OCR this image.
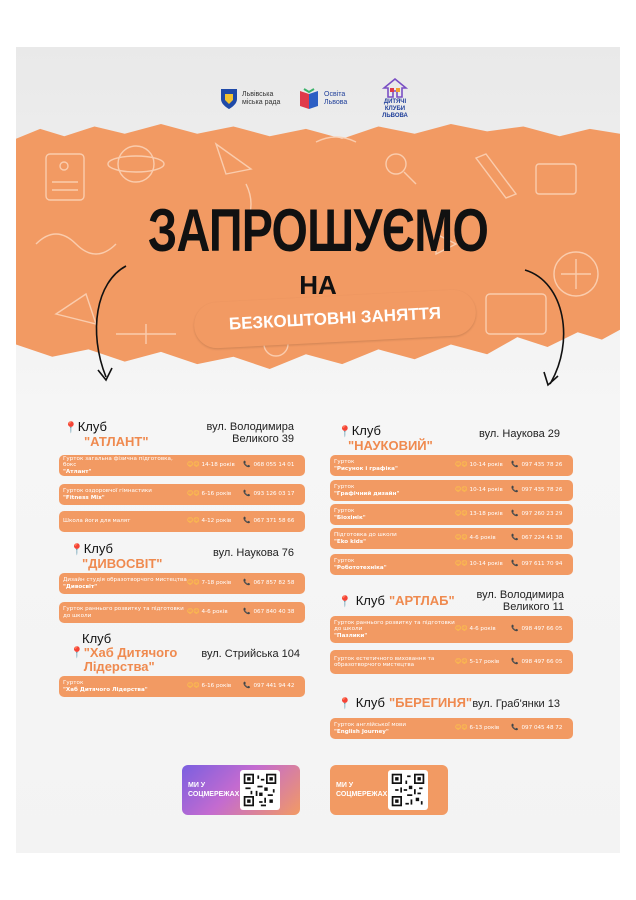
Львівська міська рада
Освіта Львова	ДИТЯЧІ КЛУБИ ЛЬВОВА
ЗАПРОШУЄМО
НА
БЕЗКОШТОВНІ ЗАНЯТТЯ
📍Клуб
"АТЛАНТ"
вул. Володимира Великого 39
Гурток загальна фізична підготовка, бокс
"Атлант"
😊😊 14-18 років 📞 068 055 14 01
Гурток оздоровчої гімнастики
"Fitness Mix"
😊😊 6-16 років 📞 093 126 03 17
Школа йоги для малят	😊😊 4-12 років 📞 067 371 58 66
📍Клуб
"ДИВОСВІТ"
вул. Наукова 76
Дизайн студія образотворчого мистецтва
"Дивосвіт"
😊😊 7-18 років 📞 067 857 82 58
Гурток раннього розвитку та підготовки до школи
😊😊 4-6 років	📞 067 840 40 38
Клуб
📍 "Хаб Дитячого Лідерства"
вул. Стрийська 104
Гурток
"Хаб Дитячого Лідерства"
😊😊 6-16 років 📞 097 441 94 42
📍Клуб
"НАУКОВИЙ"
вул. Наукова 29
Гурток
"Рисунок і графіка"
😊😊 10-14 років 📞 097 435 78 26
Гурток
"Графічний дизайн"
😊😊 10-14 років 📞 097 435 78 26
Гурток
"Біохімік"
😊😊 13-18 років 📞 097 260 23 29
Підготовка до школи
"Eko kids"
😊😊 4-6 років	📞 067 224 41 38
Гурток
"Робототехніка"
😊😊 10-14 років 📞 097 611 70 94
📍 Клуб "АРТЛАБ"	вул. Володимира Великого 11
Гурток раннього розвитку та підготовки до школи
"Пазлики"
😊😊 4-6 років	📞 098 497 66 05
Гурток естетичного виховання та образотворчого мистецтва
😊😊 5-17 років 📞 098 497 66 05
📍 Клуб "БЕРЕГИНЯ" вул. Граб'янки 13
Гурток англійської мови
"English Journey"
😊😊 6-13 років 📞 097 045 48 72
МИ У СОЦМЕРЕЖАХ
МИ У СОЦМЕРЕЖАХ
